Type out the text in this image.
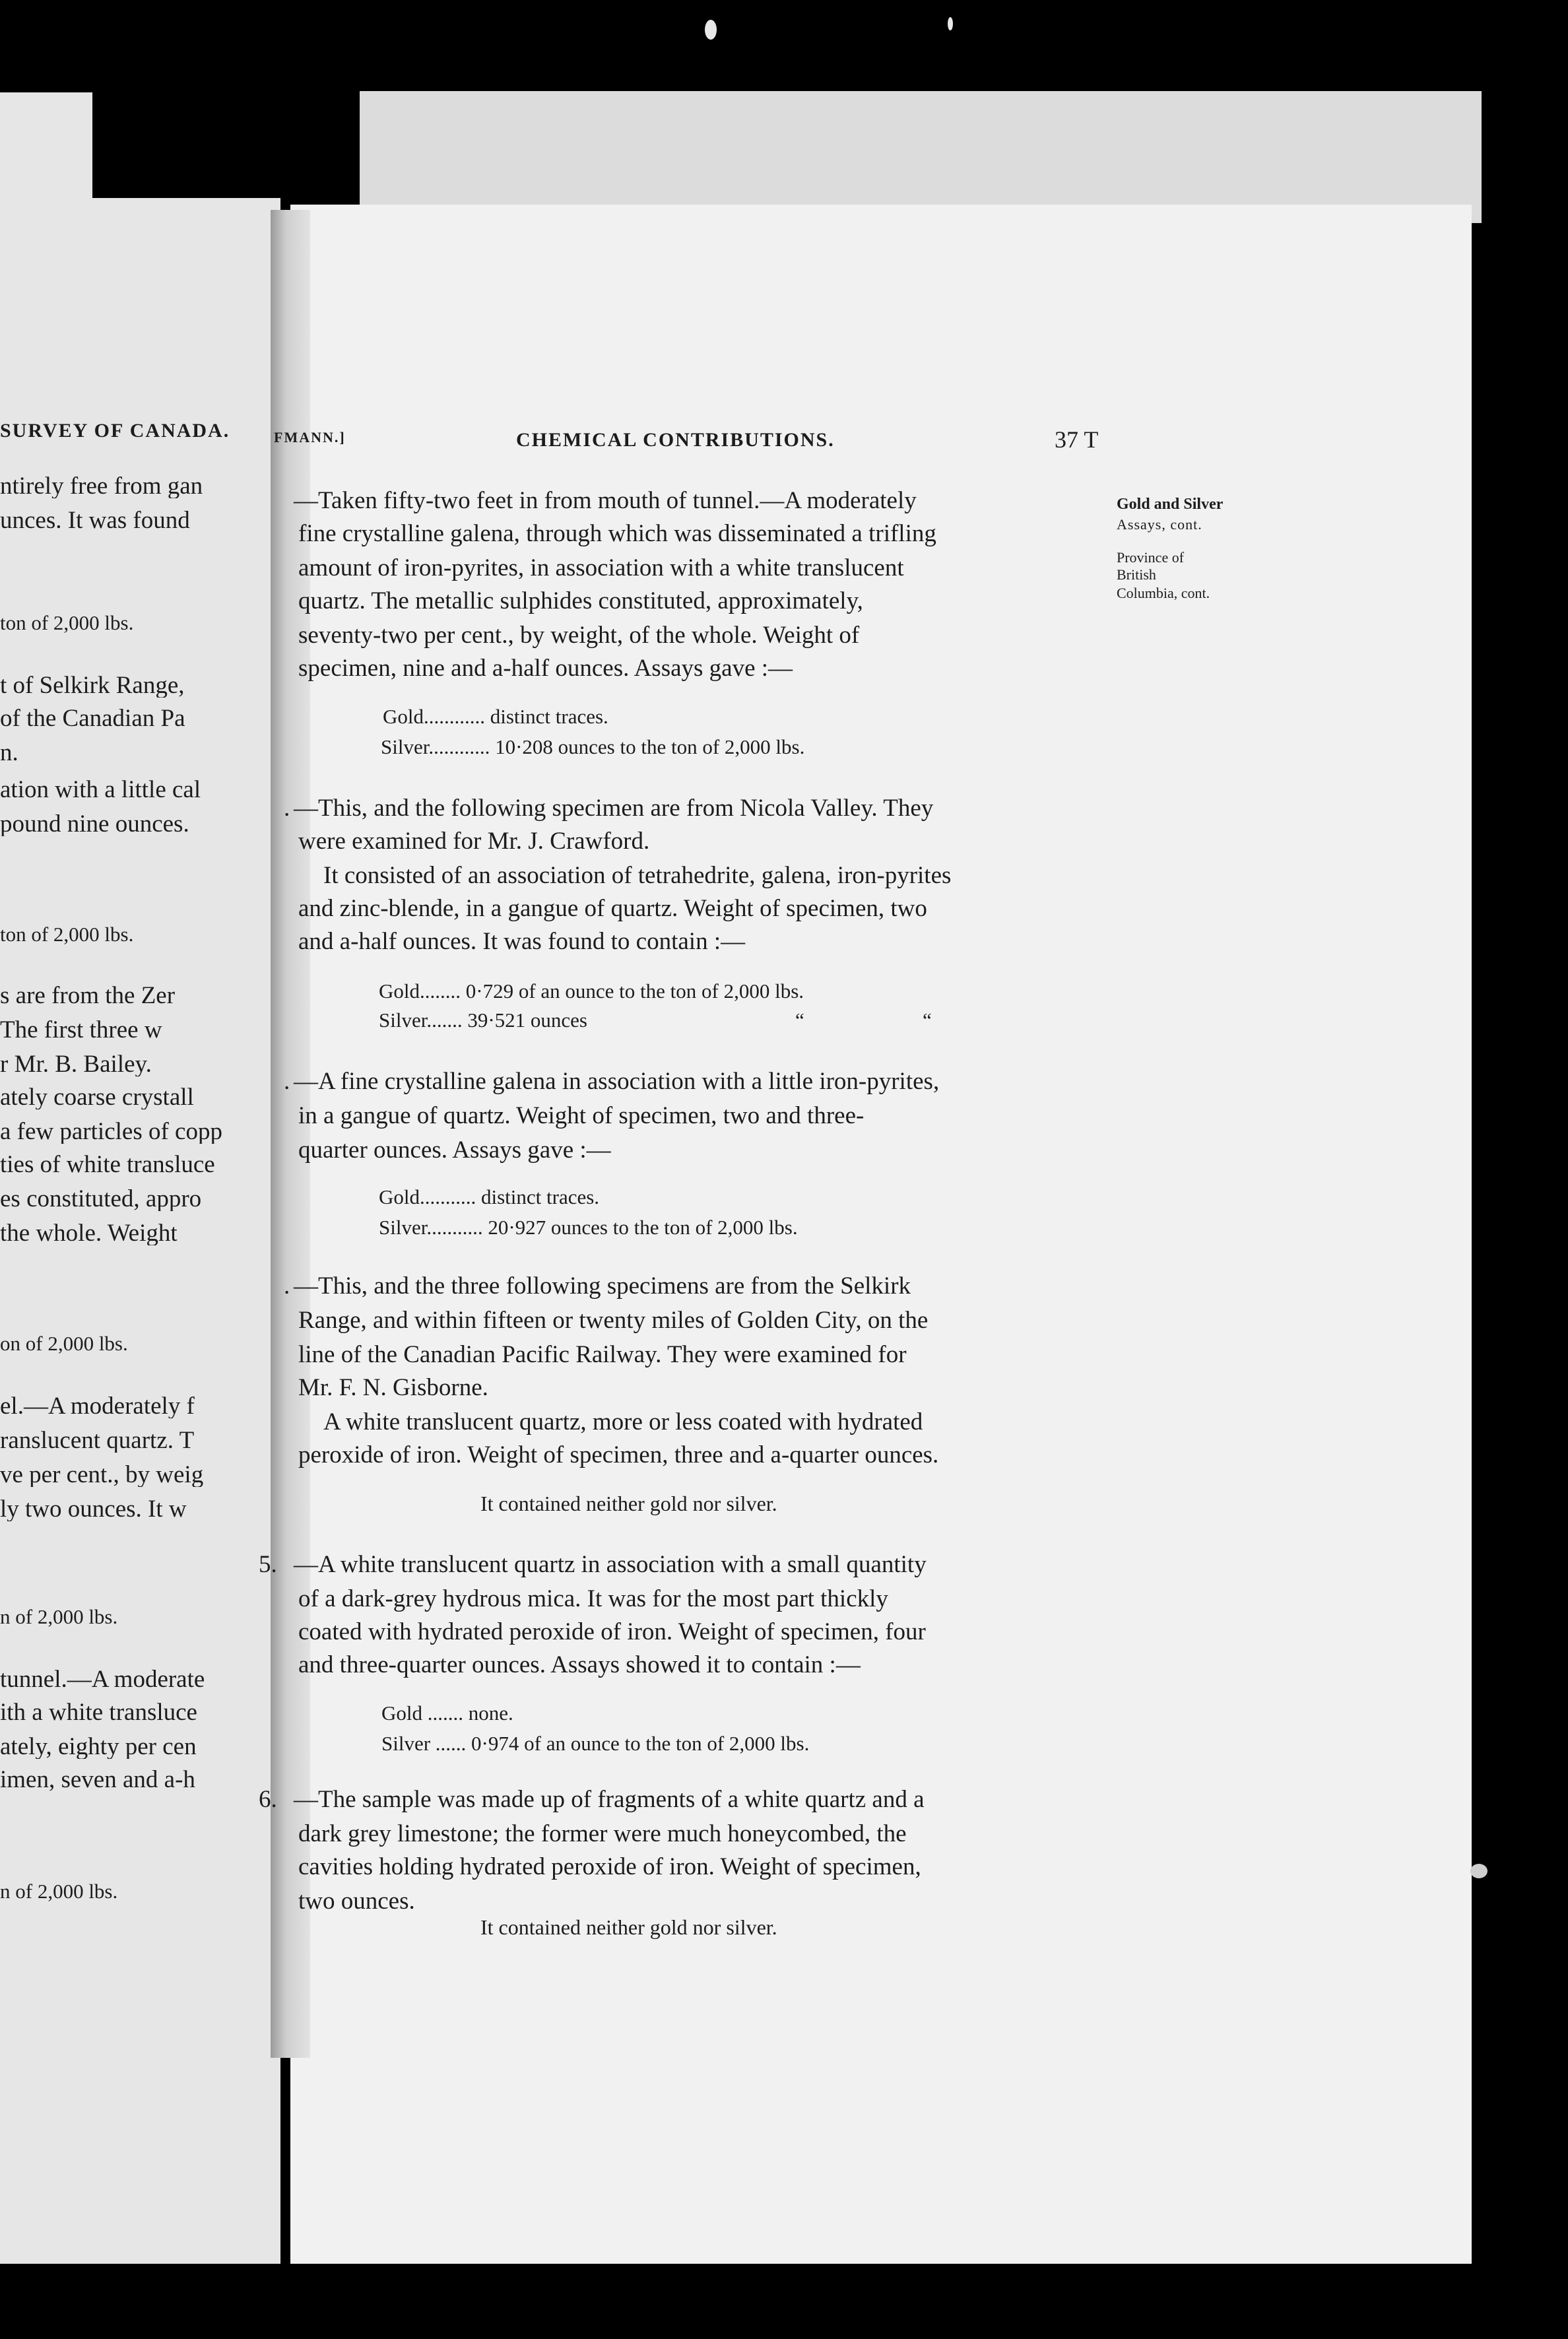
SURVEY OF CANADA.
ntirely free from gan
unces. It was found
ton of 2,000 lbs.
t of Selkirk Range,
of the Canadian Pa
n.
ation with a little cal
pound nine ounces.
ton of 2,000 lbs.
s are from the Zer
The first three w
r Mr. B. Bailey.
ately coarse crystall
a few particles of copp
ties of white transluce
es constituted, appro
the whole. Weight
on of 2,000 lbs.
el.—A moderately f
ranslucent quartz. T
ve per cent., by weig
ly two ounces. It w
n of 2,000 lbs.
tunnel.—A moderate
ith a white transluce
ately, eighty per cen
imen, seven and a-h
n of 2,000 lbs.
FMANN.]	CHEMICAL CONTRIBUTIONS.	37 T
Gold and Silver
Assays, cont.
Province of
British
Columbia, cont.
—Taken fifty-two feet in from mouth of tunnel.—A moderately
fine crystalline galena, through which was disseminated a trifling
amount of iron-pyrites, in association with a white translucent
quartz. The metallic sulphides constituted, approximately,
seventy-two per cent., by weight, of the whole. Weight of
specimen, nine and a-half ounces. Assays gave :—
Gold............ distinct traces.
Silver............ 10·208 ounces to the ton of 2,000 lbs.
. —This, and the following specimen are from Nicola Valley. They
were examined for Mr. J. Crawford.
It consisted of an association of tetrahedrite, galena, iron-pyrites
and zinc-blende, in a gangue of quartz. Weight of specimen, two
and a-half ounces. It was found to contain :—
Gold........ 0·729 of an ounce to the ton of 2,000 lbs.
Silver....... 39·521 ounces	“	“
. —A fine crystalline galena in association with a little iron-pyrites,
in a gangue of quartz. Weight of specimen, two and three-
quarter ounces. Assays gave :—
Gold........... distinct traces.
Silver........... 20·927 ounces to the ton of 2,000 lbs.
. —This, and the three following specimens are from the Selkirk
Range, and within fifteen or twenty miles of Golden City, on the
line of the Canadian Pacific Railway. They were examined for
Mr. F. N. Gisborne.
A white translucent quartz, more or less coated with hydrated
peroxide of iron. Weight of specimen, three and a-quarter ounces.
It contained neither gold nor silver.
5. —A white translucent quartz in association with a small quantity
of a dark-grey hydrous mica. It was for the most part thickly
coated with hydrated peroxide of iron. Weight of specimen, four
and three-quarter ounces. Assays showed it to contain :—
Gold ....... none.
Silver ...... 0·974 of an ounce to the ton of 2,000 lbs.
6. —The sample was made up of fragments of a white quartz and a
dark grey limestone; the former were much honeycombed, the
cavities holding hydrated peroxide of iron. Weight of specimen,
two ounces.
It contained neither gold nor silver.
